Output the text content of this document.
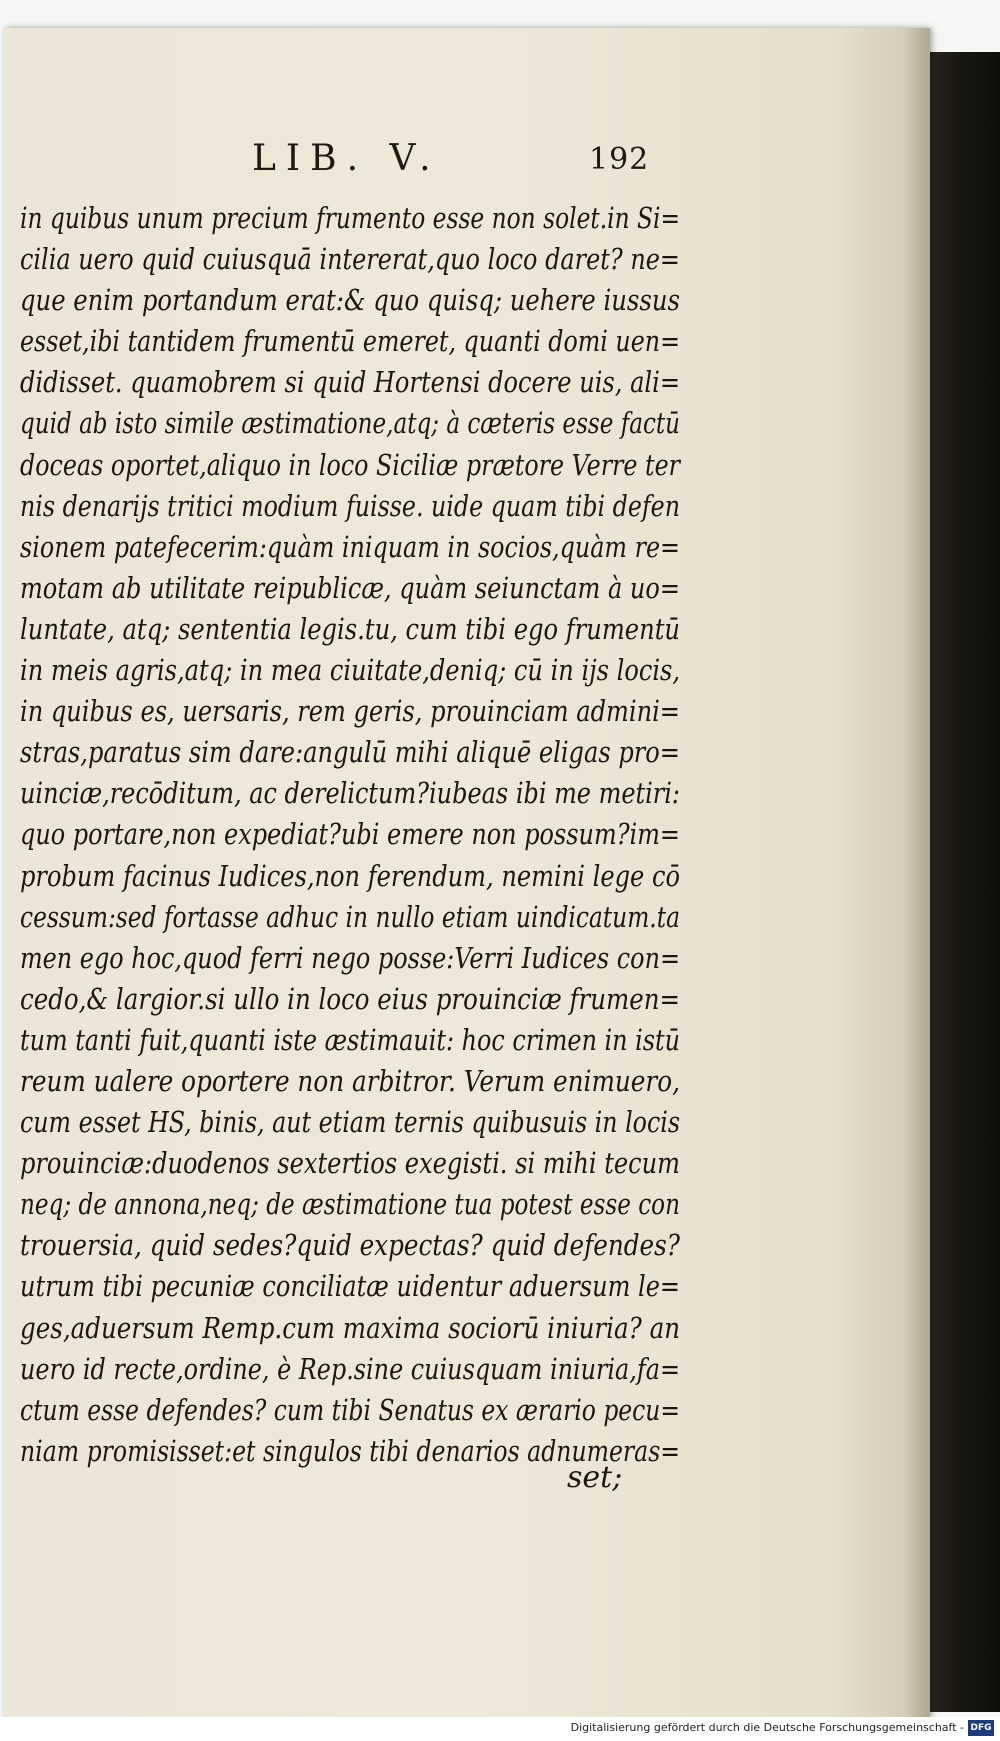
LIB. V.	192
in quibus unum precium frumento esse non solet.in Si=
cilia uero quid cuiusquā intererat,quo loco daret? ne=
que enim portandum erat:& quo quisq; uehere iussus
esset,ibi tantidem frumentū emeret, quanti domi uen=
didisset. quamobrem si quid Hortensi docere uis, ali=
quid ab isto simile æstimatione,atq; à cæteris esse factū
doceas oportet,aliquo in loco Siciliæ prætore Verre ter
nis denarijs tritici modium fuisse. uide quam tibi defen
sionem patefecerim:quàm iniquam in socios,quàm re=
motam ab utilitate reipublicæ, quàm seiunctam à uo=
luntate, atq; sententia legis.tu, cum tibi ego frumentū
in meis agris,atq; in mea ciuitate,deniq; cū in ijs locis,
in quibus es, uersaris, rem geris, prouinciam admini=
stras,paratus sim dare:angulū mihi aliquē eligas pro=
uinciæ,recōditum, ac derelictum?iubeas ibi me metiri:
quo portare,non expediat?ubi emere non possum?im=
probum facinus Iudices,non ferendum, nemini lege cō
cessum:sed fortasse adhuc in nullo etiam uindicatum.ta
men ego hoc,quod ferri nego posse:Verri Iudices con=
cedo,& largior.si ullo in loco eius prouinciæ frumen=
tum tanti fuit,quanti iste æstimauit: hoc crimen in istū
reum ualere oportere non arbitror. Verum enimuero,
cum esset HS, binis, aut etiam ternis quibusuis in locis
prouinciæ:duodenos sextertios exegisti. si mihi tecum
neq; de annona,neq; de æstimatione tua potest esse con
trouersia, quid sedes?quid expectas? quid defendes?
utrum tibi pecuniæ conciliatæ uidentur aduersum le=
ges,aduersum Remp.cum maxima sociorū iniuria? an
uero id recte,ordine, è Rep.sine cuiusquam iniuria,fa=
ctum esse defendes? cum tibi Senatus ex ærario pecu=
niam promisisset:et singulos tibi denarios adnumeras=
set;
Digitalisierung gefördert durch die Deutsche Forschungsgemeinschaft - DFG
